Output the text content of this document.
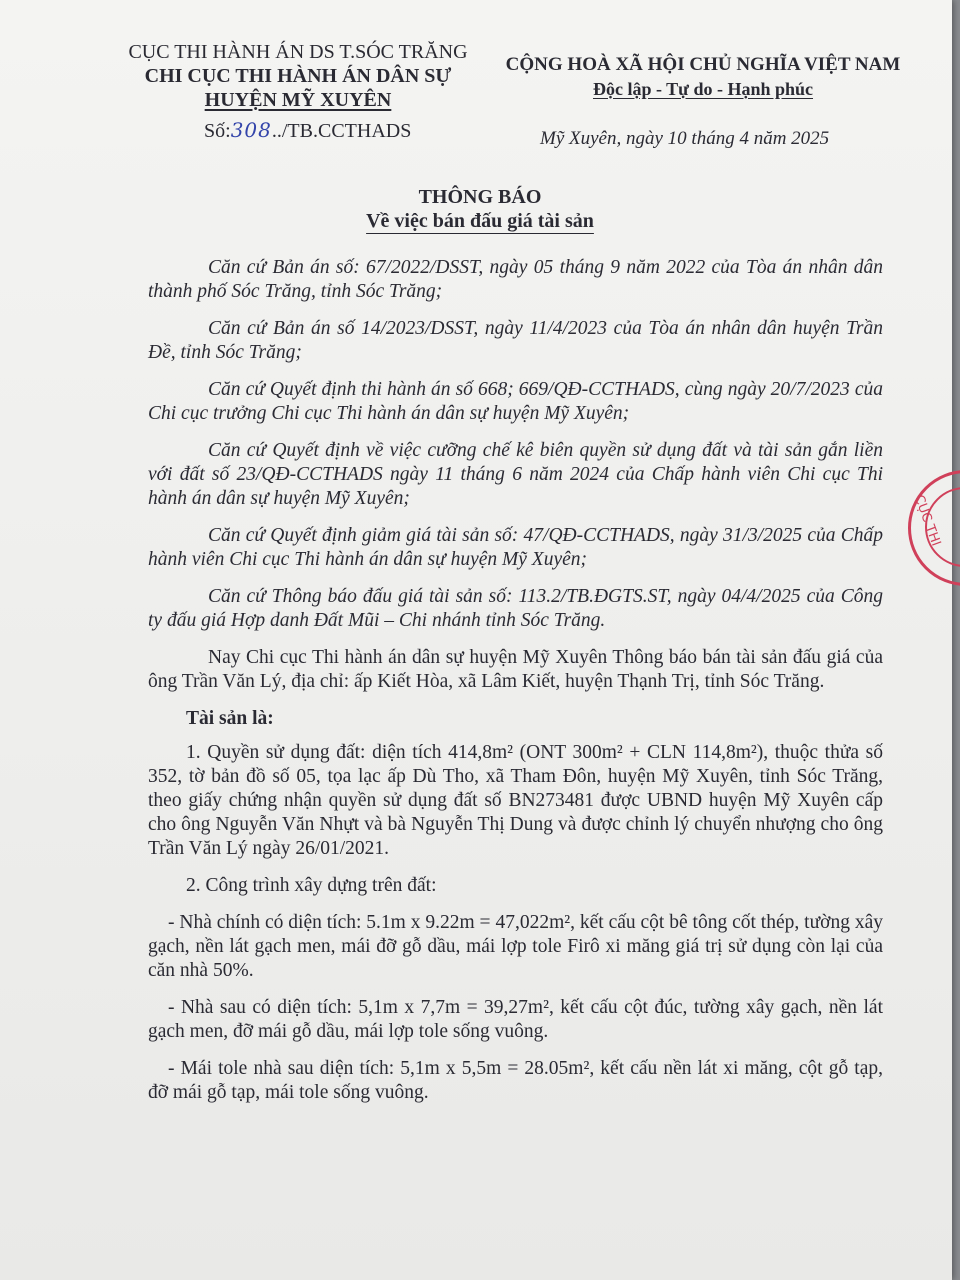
CỤC THI HÀNH ÁN DS T.SÓC TRĂNG
CHI CỤC THI HÀNH ÁN DÂN SỰ
HUYỆN MỸ XUYÊN
Số:308../TB.CCTHADS
CỘNG HOÀ XÃ HỘI CHỦ NGHĨA VIỆT NAM
Độc lập - Tự do - Hạnh phúc
Mỹ Xuyên, ngày 10 tháng 4 năm 2025
THÔNG BÁO
Về việc bán đấu giá tài sản

Căn cứ Bản án số: 67/2022/DSST, ngày 05 tháng 9 năm 2022 của Tòa án nhân dân thành phố Sóc Trăng, tỉnh Sóc Trăng;

Căn cứ Bản án số 14/2023/DSST, ngày 11/4/2023 của Tòa án nhân dân huyện Trần Đề, tỉnh Sóc Trăng;

Căn cứ Quyết định thi hành án số 668; 669/QĐ-CCTHADS, cùng ngày 20/7/2023 của Chi cục trưởng Chi cục Thi hành án dân sự huyện Mỹ Xuyên;

Căn cứ Quyết định về việc cưỡng chế kê biên quyền sử dụng đất và tài sản gắn liền với đất số 23/QĐ-CCTHADS ngày 11 tháng 6 năm 2024 của Chấp hành viên Chi cục Thi hành án dân sự huyện Mỹ Xuyên;

Căn cứ Quyết định giảm giá tài sản số: 47/QĐ-CCTHADS, ngày 31/3/2025 của Chấp hành viên Chi cục Thi hành án dân sự huyện Mỹ Xuyên;

Căn cứ Thông báo đấu giá tài sản số: 113.2/TB.ĐGTS.ST, ngày 04/4/2025 của Công ty đấu giá Hợp danh Đất Mũi – Chi nhánh tỉnh Sóc Trăng.

Nay Chi cục Thi hành án dân sự huyện Mỹ Xuyên Thông báo bán tài sản đấu giá của ông Trần Văn Lý, địa chỉ: ấp Kiết Hòa, xã Lâm Kiết, huyện Thạnh Trị, tỉnh Sóc Trăng.

Tài sản là:

1. Quyền sử dụng đất: diện tích 414,8m² (ONT 300m² + CLN 114,8m²), thuộc thửa số 352, tờ bản đồ số 05, tọa lạc ấp Dù Tho, xã Tham Đôn, huyện Mỹ Xuyên, tỉnh Sóc Trăng, theo giấy chứng nhận quyền sử dụng đất số BN273481 được UBND huyện Mỹ Xuyên cấp cho ông Nguyễn Văn Nhựt và bà Nguyễn Thị Dung và được chỉnh lý chuyển nhượng cho ông Trần Văn Lý ngày 26/01/2021.

2. Công trình xây dựng trên đất:

- Nhà chính có diện tích: 5.1m x 9.22m = 47,022m², kết cấu cột bê tông cốt thép, tường xây gạch, nền lát gạch men, mái đỡ gỗ dầu, mái lợp tole Firô xi măng giá trị sử dụng còn lại của căn nhà 50%.

- Nhà sau có diện tích: 5,1m x 7,7m = 39,27m², kết cấu cột đúc, tường xây gạch, nền lát gạch men, đỡ mái gỗ dầu, mái lợp tole sống vuông.

- Mái tole nhà sau diện tích: 5,1m x 5,5m = 28.05m², kết cấu nền lát xi măng, cột gỗ tạp, đỡ mái gỗ tạp, mái tole sống vuông.

CỤC THI
